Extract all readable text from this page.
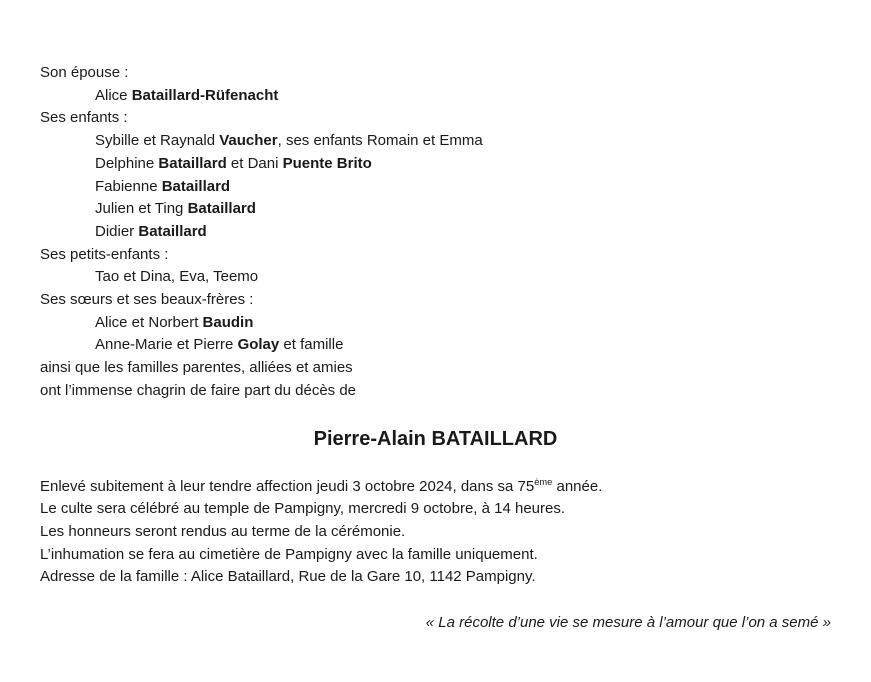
Son épouse :
Alice Bataillard-Rüfenacht
Ses enfants :
Sybille et Raynald Vaucher, ses enfants Romain et Emma
Delphine Bataillard et Dani Puente Brito
Fabienne Bataillard
Julien et Ting Bataillard
Didier Bataillard
Ses petits-enfants :
Tao et Dina, Eva, Teemo
Ses sœurs et ses beaux-frères :
Alice et Norbert Baudin
Anne-Marie et Pierre Golay et famille
ainsi que les familles parentes, alliées et amies
ont l’immense chagrin de faire part du décès de
Pierre-Alain BATAILLARD
Enlevé subitement à leur tendre affection jeudi 3 octobre 2024, dans sa 75ème année.
Le culte sera célébré au temple de Pampigny, mercredi 9 octobre, à 14 heures.
Les honneurs seront rendus au terme de la cérémonie.
L’inhumation se fera au cimetière de Pampigny avec la famille uniquement.
Adresse de la famille : Alice Bataillard, Rue de la Gare 10, 1142 Pampigny.
« La récolte d’une vie se mesure à l’amour que l’on a semé »
